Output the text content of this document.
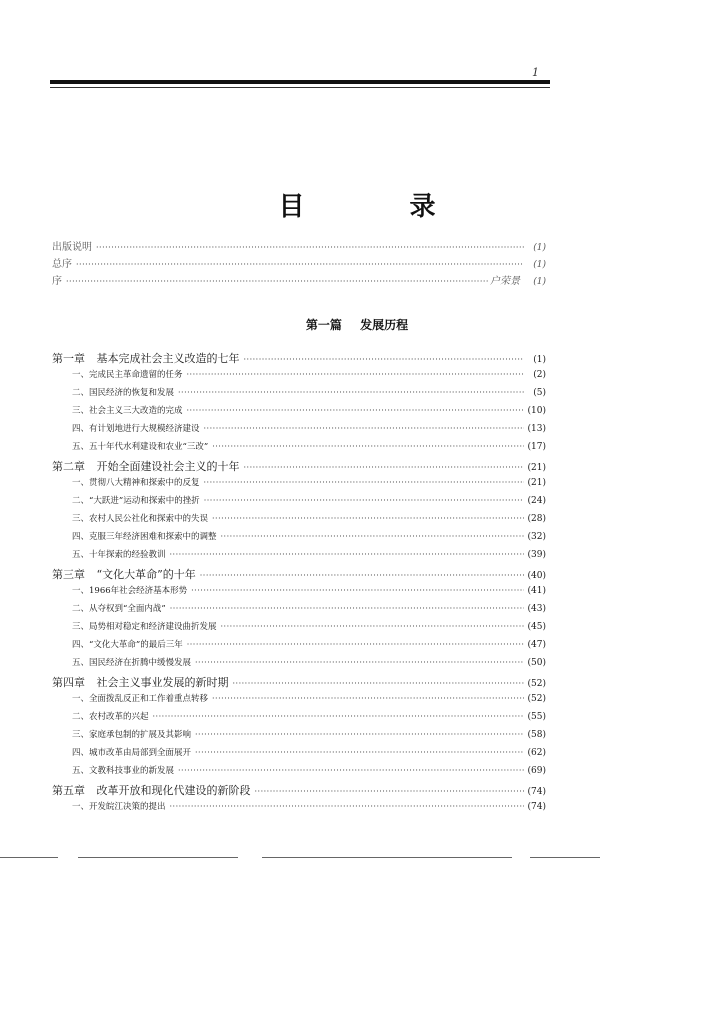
1
目 录
出版说明 ·····	(1)
总序 ·····	(1)
序 ·····	户荣景	(1)
第一篇 发展历程
第一章 基本完成社会主义改造的七年 ·····	(1)
一、完成民主革命遗留的任务 ·····	(2)
二、国民经济的恢复和发展 ·····	(5)
三、社会主义三大改造的完成 ·····	(10)
四、有计划地进行大规模经济建设 ·····	(13)
五、五十年代水利建设和农业“三改” ·····	(17)
第二章 开始全面建设社会主义的十年 ·····	(21)
一、贯彻八大精神和探索中的反复 ·····	(21)
二、“大跃进”运动和探索中的挫折 ·····	(24)
三、农村人民公社化和探索中的失误 ·····	(28)
四、克服三年经济困难和探索中的调整 ·····	(32)
五、十年探索的经验教训 ·····	(39)
第三章 “文化大革命”的十年 ·····	(40)
一、1966年社会经济基本形势 ·····	(41)
二、从夺权到“全面内战” ·····	(43)
三、局势相对稳定和经济建设曲折发展 ·····	(45)
四、“文化大革命”的最后三年 ·····	(47)
五、国民经济在折腾中缓慢发展 ·····	(50)
第四章 社会主义事业发展的新时期 ·····	(52)
一、全面拨乱反正和工作着重点转移 ·····	(52)
二、农村改革的兴起 ·····	(55)
三、家庭承包制的扩展及其影响 ·····	(58)
四、城市改革由局部到全面展开 ·····	(62)
五、文教科技事业的新发展 ·····	(69)
第五章 改革开放和现化代建设的新阶段 ·····	(74)
一、开发皖江决策的提出 ·····	(74)
